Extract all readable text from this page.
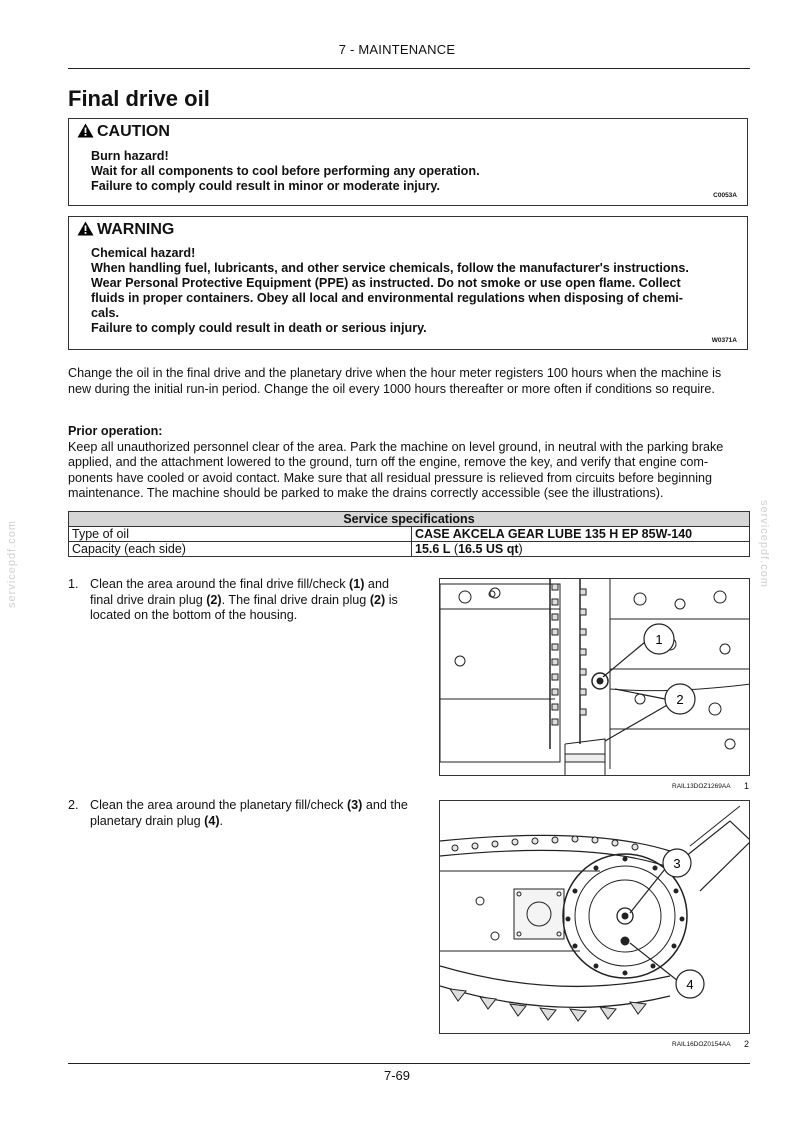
7 - MAINTENANCE
Final drive oil
CAUTION
Burn hazard!
Wait for all components to cool before performing any operation.
Failure to comply could result in minor or moderate injury.
C0053A
WARNING
Chemical hazard!
When handling fuel, lubricants, and other service chemicals, follow the manufacturer's instructions.
Wear Personal Protective Equipment (PPE) as instructed. Do not smoke or use open flame. Collect
fluids in proper containers. Obey all local and environmental regulations when disposing of chemi-
cals.
Failure to comply could result in death or serious injury.
W0371A
Change the oil in the final drive and the planetary drive when the hour meter registers 100 hours when the machine is
new during the initial run-in period. Change the oil every 1000 hours thereafter or more often if conditions so require.
Prior operation:
Keep all unauthorized personnel clear of the area. Park the machine on level ground, in neutral with the parking brake
applied, and the attachment lowered to the ground, turn off the engine, remove the key, and verify that engine com-
ponents have cooled or avoid contact. Make sure that all residual pressure is relieved from circuits before beginning
maintenance. The machine should be parked to make the drains correctly accessible (see the illustrations).
Service specifications	
Type of oil	CASE AKCELA GEAR LUBE 135 H EP 85W-140
Capacity (each side)	15.6 L (16.5 US qt)
1. Clean the area around the final drive fill/check (1) and final drive drain plug (2). The final drive drain plug (2) is located on the bottom of the housing.
1
2
RAIL13DOZ1269AA 1
2. Clean the area around the planetary fill/check (3) and the planetary drain plug (4).
3
4
RAIL16DOZ0154AA 2
7-69
servicepdf.com	servicepdf.com
